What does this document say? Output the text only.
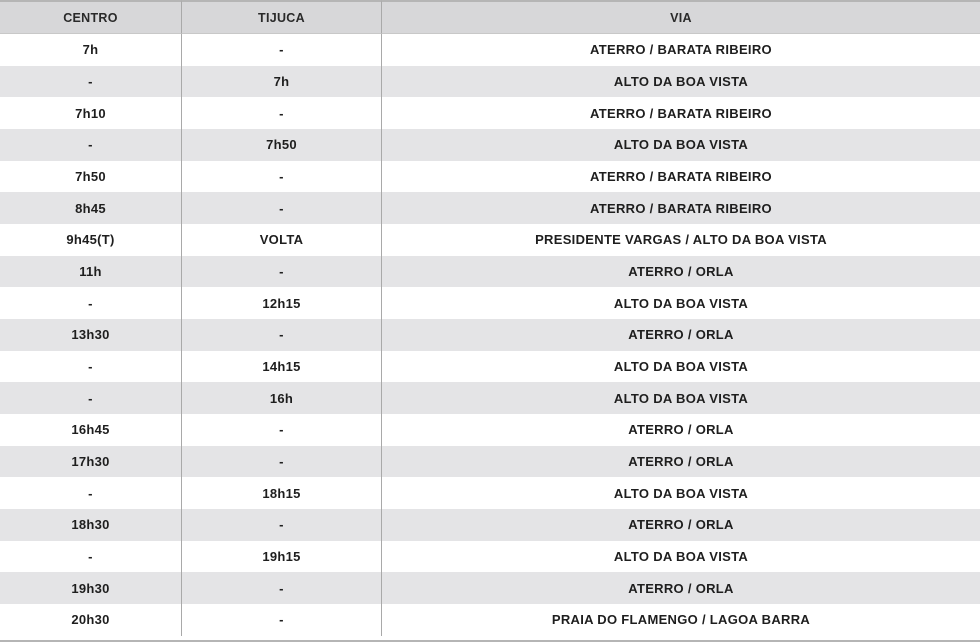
CENTRO	TIJUCA	VIA
7h	-	ATERRO / BARATA RIBEIRO
-	7h	ALTO DA BOA VISTA
7h10	-	ATERRO / BARATA RIBEIRO
-	7h50	ALTO DA BOA VISTA
7h50	-	ATERRO / BARATA RIBEIRO
8h45	-	ATERRO / BARATA RIBEIRO
9h45(T)	VOLTA	PRESIDENTE VARGAS / ALTO DA BOA VISTA
11h	-	ATERRO / ORLA
-	12h15	ALTO DA BOA VISTA
13h30	-	ATERRO / ORLA
-	14h15	ALTO DA BOA VISTA
-	16h	ALTO DA BOA VISTA
16h45	-	ATERRO / ORLA
17h30	-	ATERRO / ORLA
-	18h15	ALTO DA BOA VISTA
18h30	-	ATERRO / ORLA
-	19h15	ALTO DA BOA VISTA
19h30	-	ATERRO / ORLA
20h30	-	PRAIA DO FLAMENGO / LAGOA BARRA
